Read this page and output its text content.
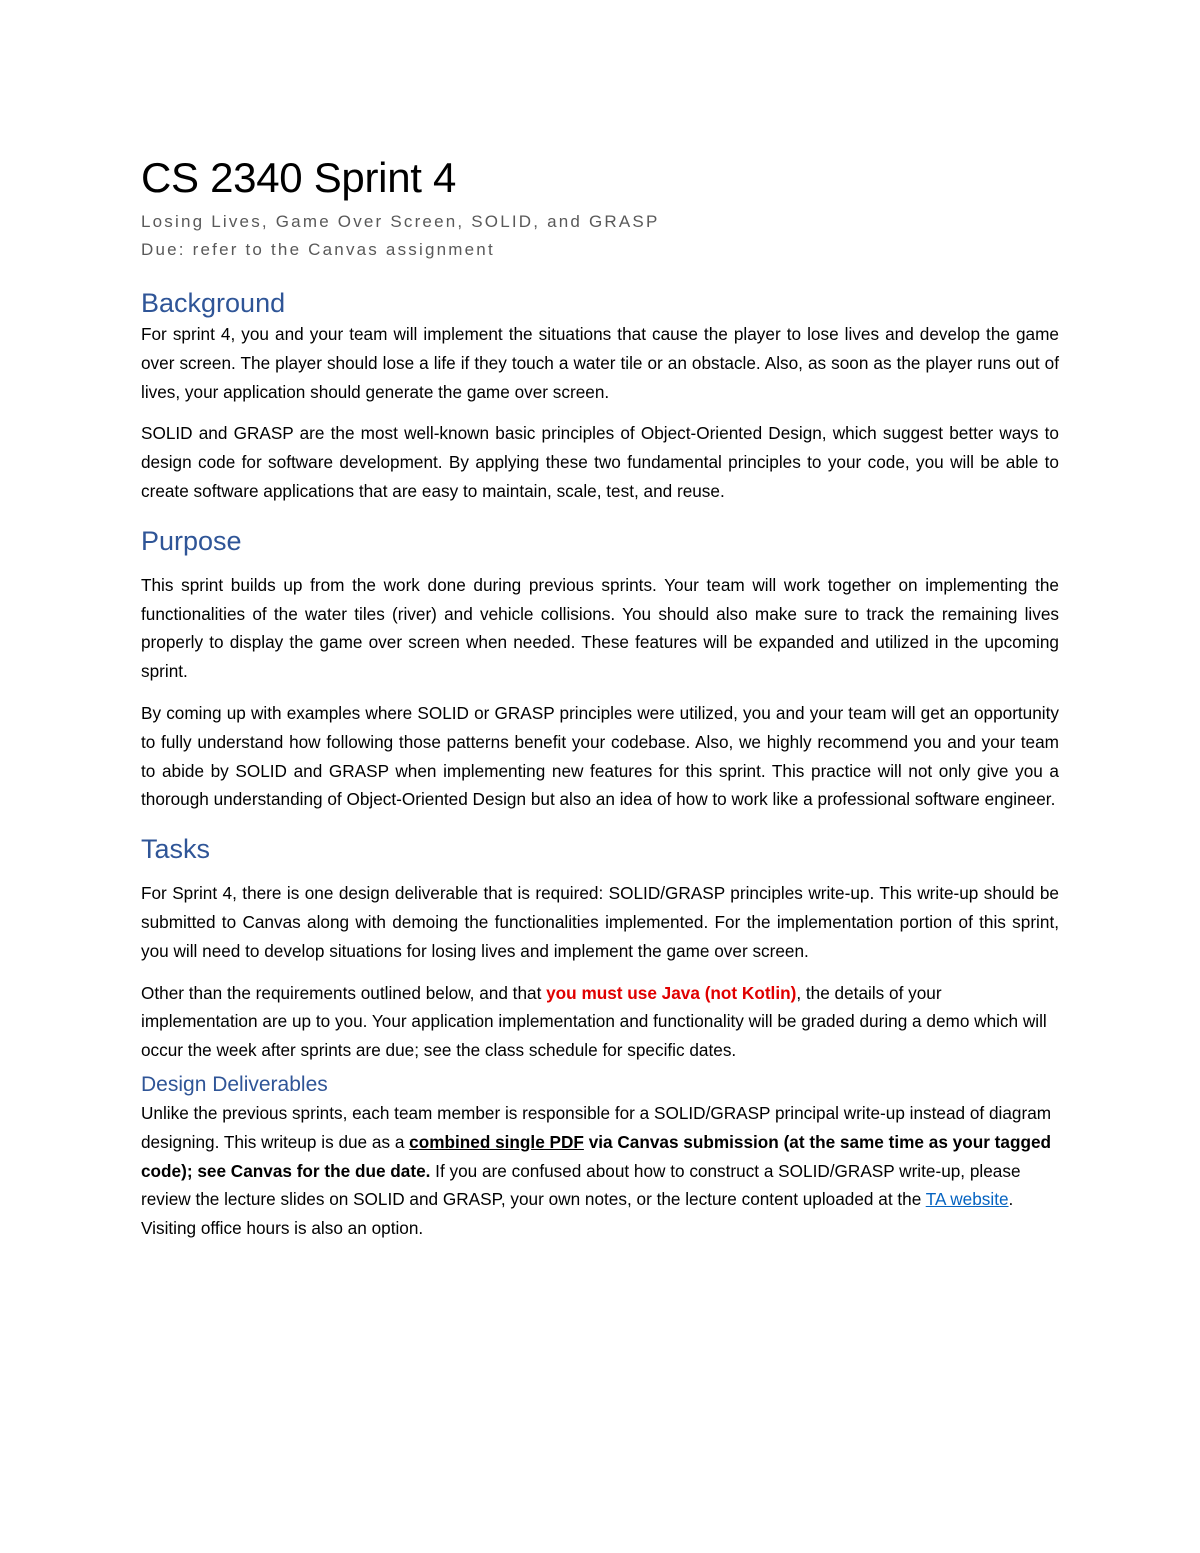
CS 2340 Sprint 4

Losing Lives, Game Over Screen, SOLID, and GRASP

Due: refer to the Canvas assignment

Background

For sprint 4, you and your team will implement the situations that cause the player to lose lives and develop the game over screen. The player should lose a life if they touch a water tile or an obstacle. Also, as soon as the player runs out of lives, your application should generate the game over screen.

SOLID and GRASP are the most well-known basic principles of Object-Oriented Design, which suggest better ways to design code for software development. By applying these two fundamental principles to your code, you will be able to create software applications that are easy to maintain, scale, test, and reuse.

Purpose

This sprint builds up from the work done during previous sprints. Your team will work together on implementing the functionalities of the water tiles (river) and vehicle collisions. You should also make sure to track the remaining lives properly to display the game over screen when needed. These features will be expanded and utilized in the upcoming sprint.

By coming up with examples where SOLID or GRASP principles were utilized, you and your team will get an opportunity to fully understand how following those patterns benefit your codebase. Also, we highly recommend you and your team to abide by SOLID and GRASP when implementing new features for this sprint. This practice will not only give you a thorough understanding of Object-Oriented Design but also an idea of how to work like a professional software engineer.

Tasks

For Sprint 4, there is one design deliverable that is required: SOLID/GRASP principles write-up. This write-up should be submitted to Canvas along with demoing the functionalities implemented. For the implementation portion of this sprint, you will need to develop situations for losing lives and implement the game over screen.

Other than the requirements outlined below, and that you must use Java (not Kotlin), the details of your implementation are up to you. Your application implementation and functionality will be graded during a demo which will occur the week after sprints are due; see the class schedule for specific dates.

Design Deliverables

Unlike the previous sprints, each team member is responsible for a SOLID/GRASP principal write-up instead of diagram designing. This writeup is due as a combined single PDF via Canvas submission (at the same time as your tagged code); see Canvas for the due date. If you are confused about how to construct a SOLID/GRASP write-up, please review the lecture slides on SOLID and GRASP, your own notes, or the lecture content uploaded at the TA website. Visiting office hours is also an option.
